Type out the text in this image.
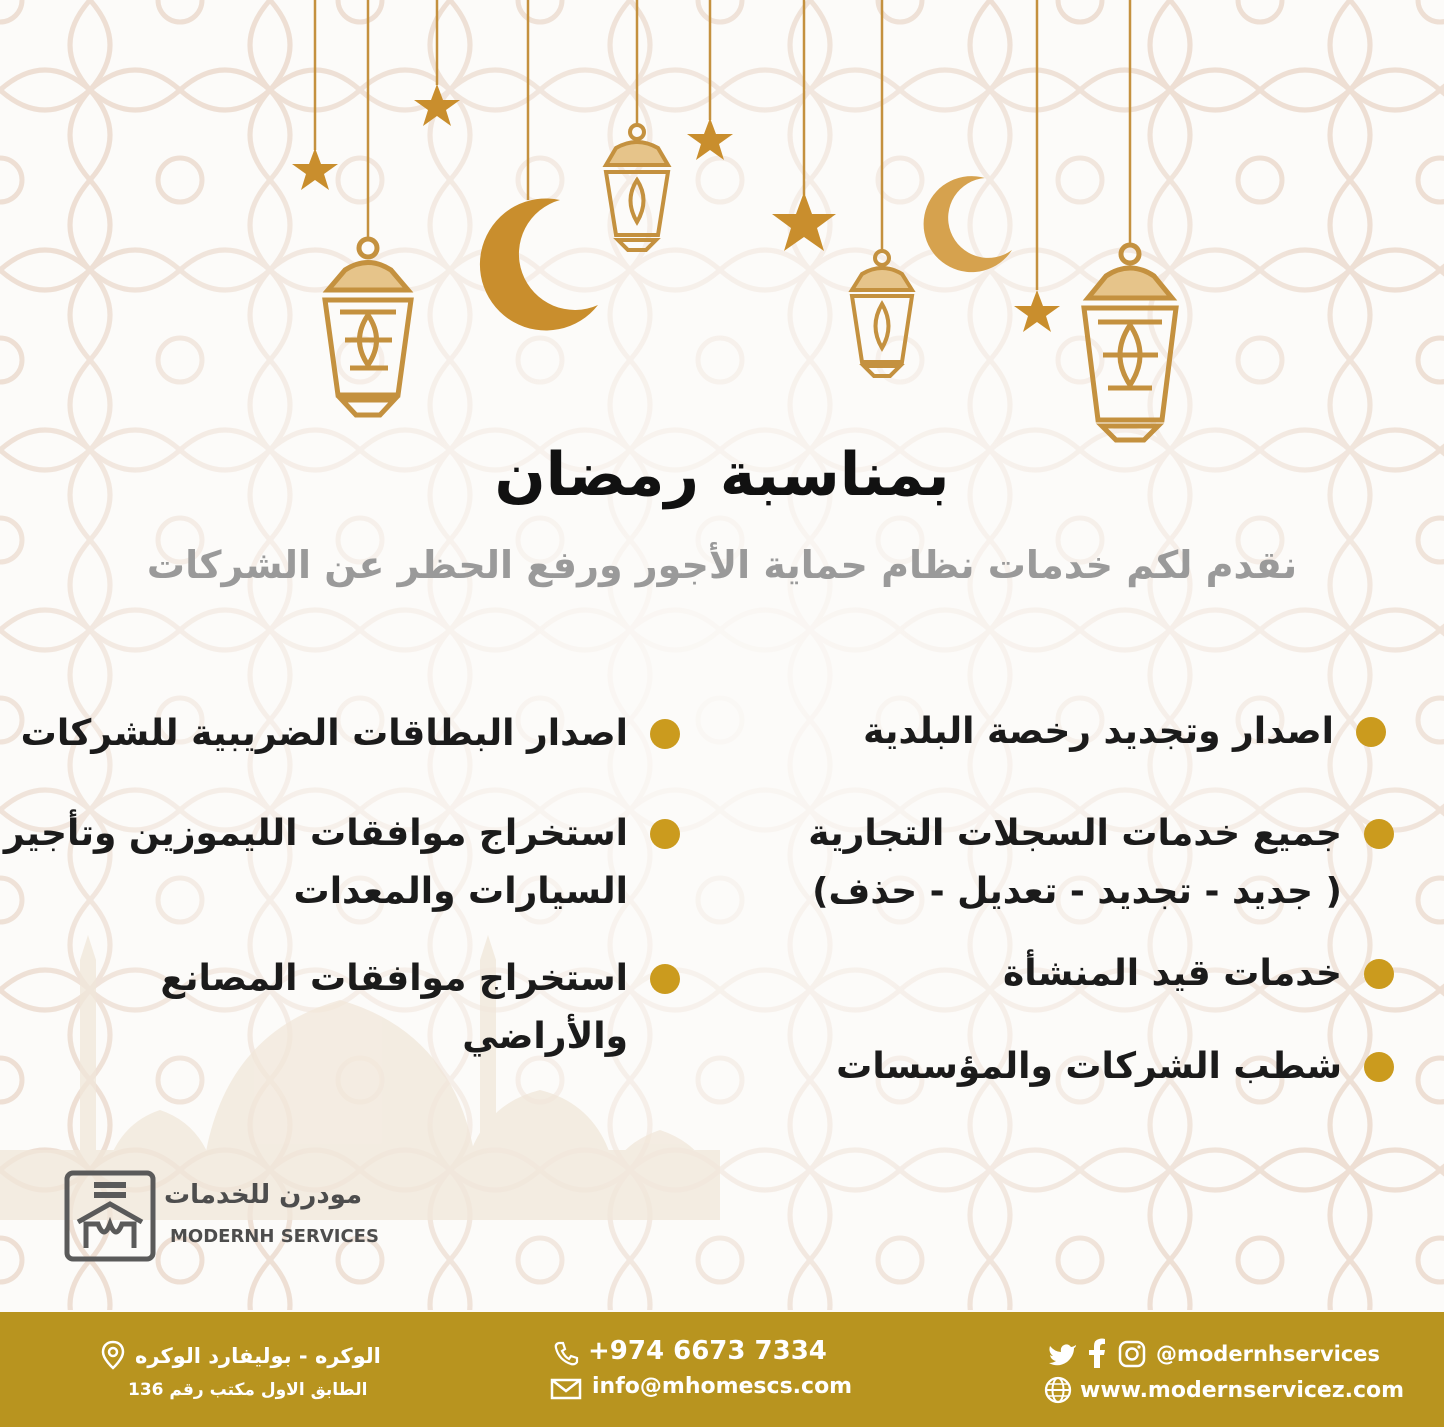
بمناسبة رمضان
نقدم لكم خدمات نظام حماية الأجور ورفع الحظر عن الشركات
اصدار وتجديد رخصة البلدية
جميع خدمات السجلات التجارية
( جديد - تجديد - تعديل - حذف)
خدمات قيد المنشأة
شطب الشركات والمؤسسات
اصدار البطاقات الضريبية للشركات
استخراج موافقات الليموزين وتأجير
السيارات والمعدات
استخراج موافقات المصانع والأراضي
مودرن للخدمات
MODERNH SERVICES
الوكره - بوليفارد الوكره
الطابق الاول مكتب رقم 136
+974 6673 7334
info@mhomescs.com
@modernhservices
www.modernservicez.com
